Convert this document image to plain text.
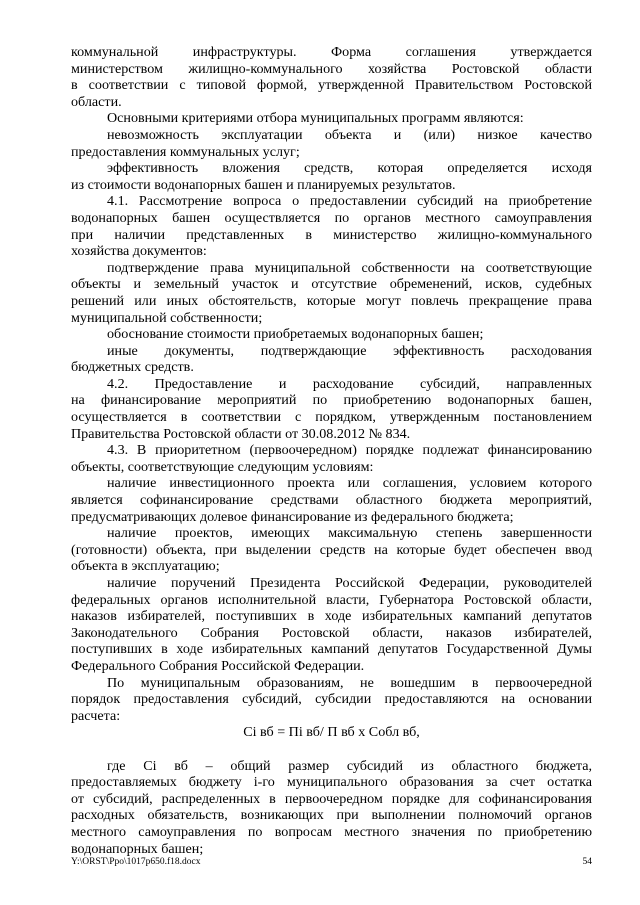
коммунальной инфраструктуры. Форма соглашения утверждается
министерством жилищно-коммунального хозяйства Ростовской области
в соответствии с типовой формой, утвержденной Правительством Ростовской
области.
Основными критериями отбора муниципальных программ являются:
невозможность эксплуатации объекта и (или) низкое качество
предоставления коммунальных услуг;
эффективность вложения средств, которая определяется исходя
из стоимости водонапорных башен и планируемых результатов.
4.1. Рассмотрение вопроса о предоставлении субсидий на приобретение
водонапорных башен осуществляется по органов местного самоуправления
при наличии представленных в министерство жилищно-коммунального
хозяйства документов:
подтверждение права муниципальной собственности на соответствующие
объекты и земельный участок и отсутствие обременений, исков, судебных
решений или иных обстоятельств, которые могут повлечь прекращение права
муниципальной собственности;
обоснование стоимости приобретаемых водонапорных башен;
иные документы, подтверждающие эффективность расходования
бюджетных средств.
4.2. Предоставление и расходование субсидий, направленных
на финансирование мероприятий по приобретению водонапорных башен,
осуществляется в соответствии с порядком, утвержденным постановлением
Правительства Ростовской области от 30.08.2012 № 834.
4.3. В приоритетном (первоочередном) порядке подлежат финансированию
объекты, соответствующие следующим условиям:
наличие инвестиционного проекта или соглашения, условием которого
является софинансирование средствами областного бюджета мероприятий,
предусматривающих долевое финансирование из федерального бюджета;
наличие проектов, имеющих максимальную степень завершенности
(готовности) объекта, при выделении средств на которые будет обеспечен ввод
объекта в эксплуатацию;
наличие поручений Президента Российской Федерации, руководителей
федеральных органов исполнительной власти, Губернатора Ростовской области,
наказов избирателей, поступивших в ходе избирательных кампаний депутатов
Законодательного Собрания Ростовской области, наказов избирателей,
поступивших в ходе избирательных кампаний депутатов Государственной Думы
Федерального Собрания Российской Федерации.
По муниципальным образованиям, не вошедшим в первоочередной
порядок предоставления субсидий, субсидии предоставляются на основании
расчета:
Сi вб = Пi вб/ П вб х Собл вб,
где Сi вб – общий размер субсидий из областного бюджета,
предоставляемых бюджету i-го муниципального образования за счет остатка
от субсидий, распределенных в первоочередном порядке для софинансирования
расходных обязательств, возникающих при выполнении полномочий органов
местного самоуправления по вопросам местного значения по приобретению
водонапорных башен;
Y:\ORST\Ppo\1017p650.f18.docx	54
